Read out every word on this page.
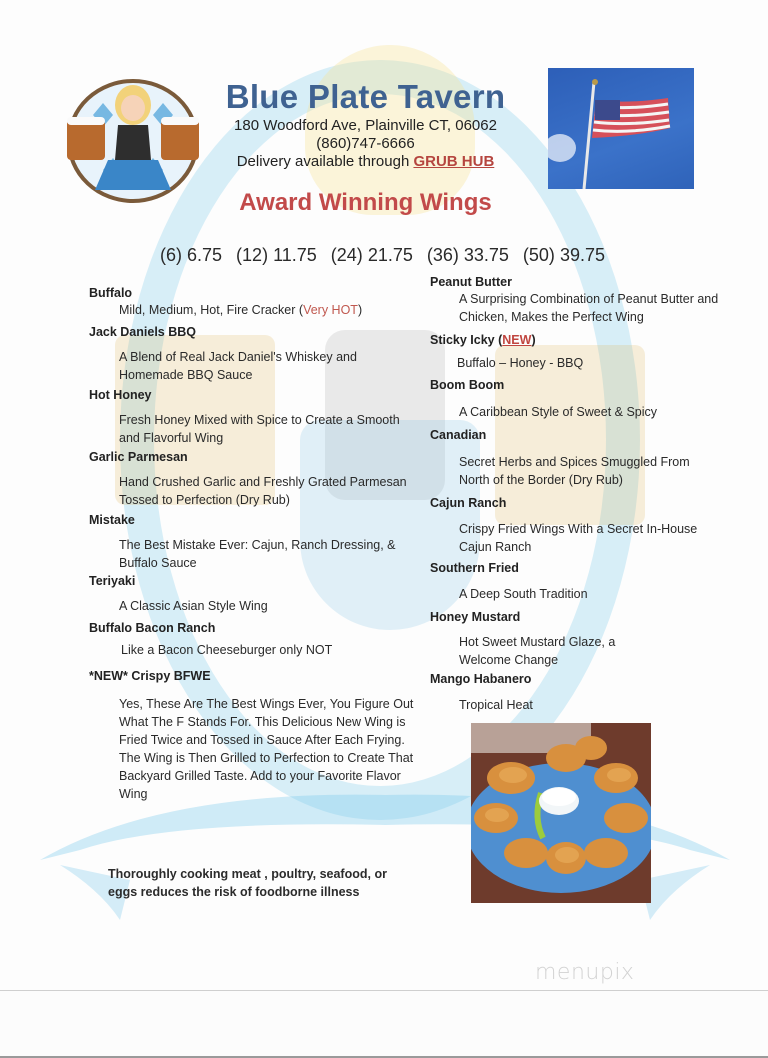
Blue Plate Tavern
180 Woodford Ave, Plainville CT, 06062
(860)747-6666
Delivery available through GRUB HUB
Award Winning Wings
(6) 6.75 (12) 11.75 (24) 21.75 (36) 33.75 (50) 39.75
Buffalo
Mild, Medium, Hot, Fire Cracker (Very HOT)
Jack Daniels BBQ
A Blend of Real Jack Daniel's Whiskey and Homemade BBQ Sauce
Hot Honey
Fresh Honey Mixed with Spice to Create a Smooth and Flavorful Wing
Garlic Parmesan
Hand Crushed Garlic and Freshly Grated Parmesan Tossed to Perfection (Dry Rub)
Mistake
The Best Mistake Ever: Cajun, Ranch Dressing, & Buffalo Sauce
Teriyaki
A Classic Asian Style Wing
Buffalo Bacon Ranch
Like a Bacon Cheeseburger only NOT
*NEW* Crispy BFWE
Yes, These Are The Best Wings Ever, You Figure Out What The F Stands For. This Delicious New Wing is Fried Twice and Tossed in Sauce After Each Frying. The Wing is Then Grilled to Perfection to Create That Backyard Grilled Taste. Add to your Favorite Flavor Wing
Peanut Butter
A Surprising Combination of Peanut Butter and Chicken, Makes the Perfect Wing
Sticky Icky (NEW)
Buffalo – Honey - BBQ
Boom Boom
A Caribbean Style of Sweet & Spicy
Canadian
Secret Herbs and Spices Smuggled From North of the Border (Dry Rub)
Cajun Ranch
Crispy Fried Wings With a Secret In-House Cajun Ranch
Southern Fried
A Deep South Tradition
Honey Mustard
Hot Sweet Mustard Glaze, a Welcome Change
Mango Habanero
Tropical Heat
Thoroughly cooking meat , poultry, seafood, or eggs reduces the risk of foodborne illness
menupix
